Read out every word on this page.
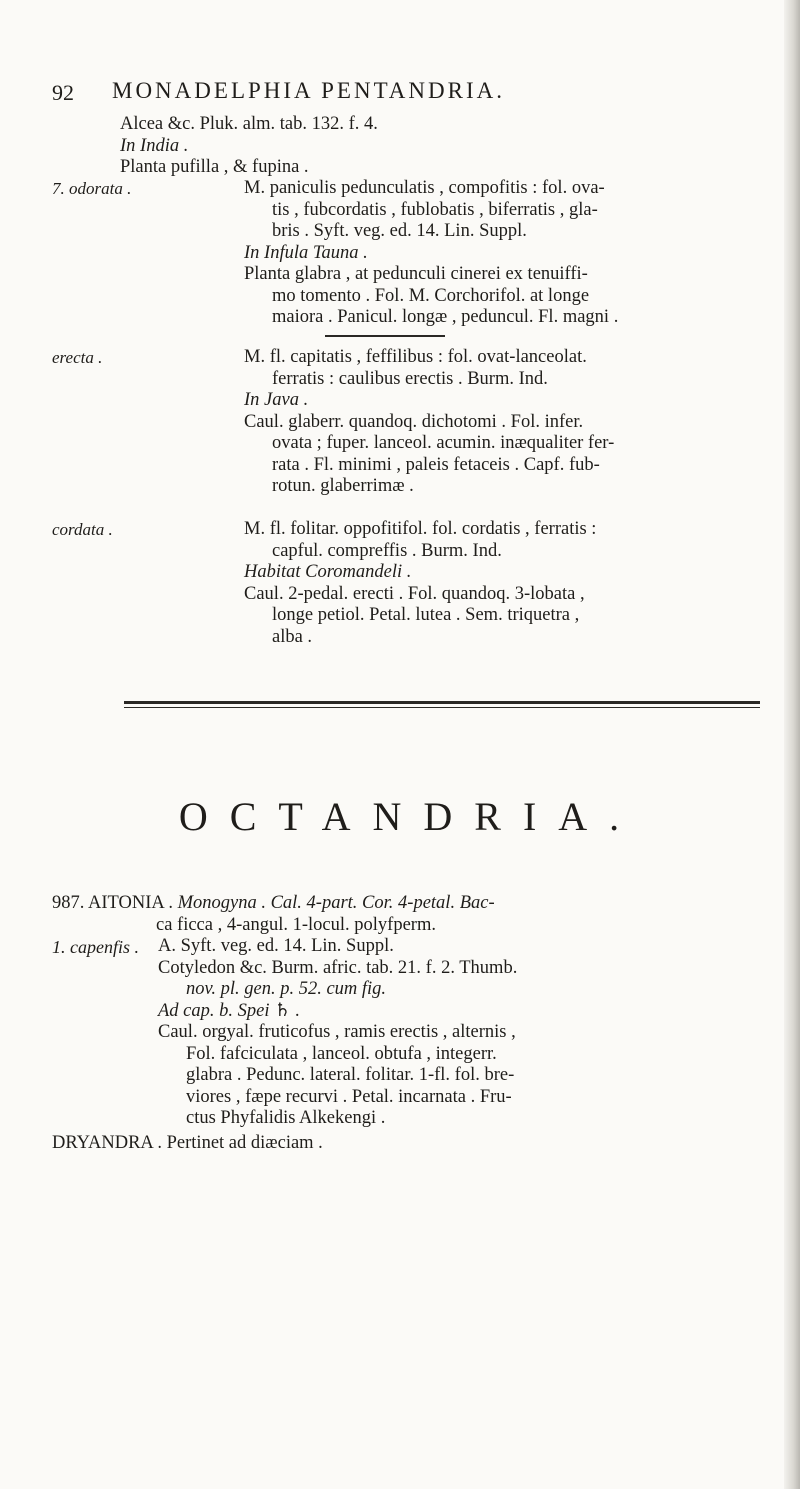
92 MONADELPHIA PENTANDRIA.
Alcea &c. Pluk. alm. tab. 132. f. 4.
In India .
Planta pufilla , & fupina .
7. odorata .	M. paniculis pedunculatis , compofitis : fol. ova-
tis , fubcordatis , fublobatis , biferratis , gla-
bris . Syft. veg. ed. 14. Lin. Suppl.
In Infula Tauna .
Planta glabra , at pedunculi cinerei ex tenuiffi-
mo tomento . Fol. M. Corchorifol. at longe
maiora . Panicul. longæ , peduncul. Fl. magni .
erecta .	M. fl. capitatis , feffilibus : fol. ovat-lanceolat.
ferratis : caulibus erectis . Burm. Ind.
In Java .
Caul. glaberr. quandoq. dichotomi . Fol. infer.
ovata ; fuper. lanceol. acumin. inæqualiter fer-
rata . Fl. minimi , paleis fetaceis . Capf. fub-
rotun. glaberrimæ .
cordata .	M. fl. folitar. oppofitifol. fol. cordatis , ferratis :
capful. compreffis . Burm. Ind.
Habitat Coromandeli .
Caul. 2-pedal. erecti . Fol. quandoq. 3-lobata ,
longe petiol. Petal. lutea . Sem. triquetra ,
alba .
OCTANDRIA.
987. AITONIA . Monogyna . Cal. 4-part. Cor. 4-petal. Bac-
ca ficca , 4-angul. 1-locul. polyfperm.
1. capenfis . A. Syft. veg. ed. 14. Lin. Suppl.
Cotyledon &c. Burm. afric. tab. 21. f. 2. Thumb.
nov. pl. gen. p. 52. cum fig.
Ad cap. b. Spei ♄ .
Caul. orgyal. fruticofus , ramis erectis , alternis ,
Fol. fafciculata , lanceol. obtufa , integerr.
glabra . Pedunc. lateral. folitar. 1-fl. fol. bre-
viores , fæpe recurvi . Petal. incarnata . Fru-
ctus Phyfalidis Alkekengi .
DRYANDRA . Pertinet ad diæciam .
